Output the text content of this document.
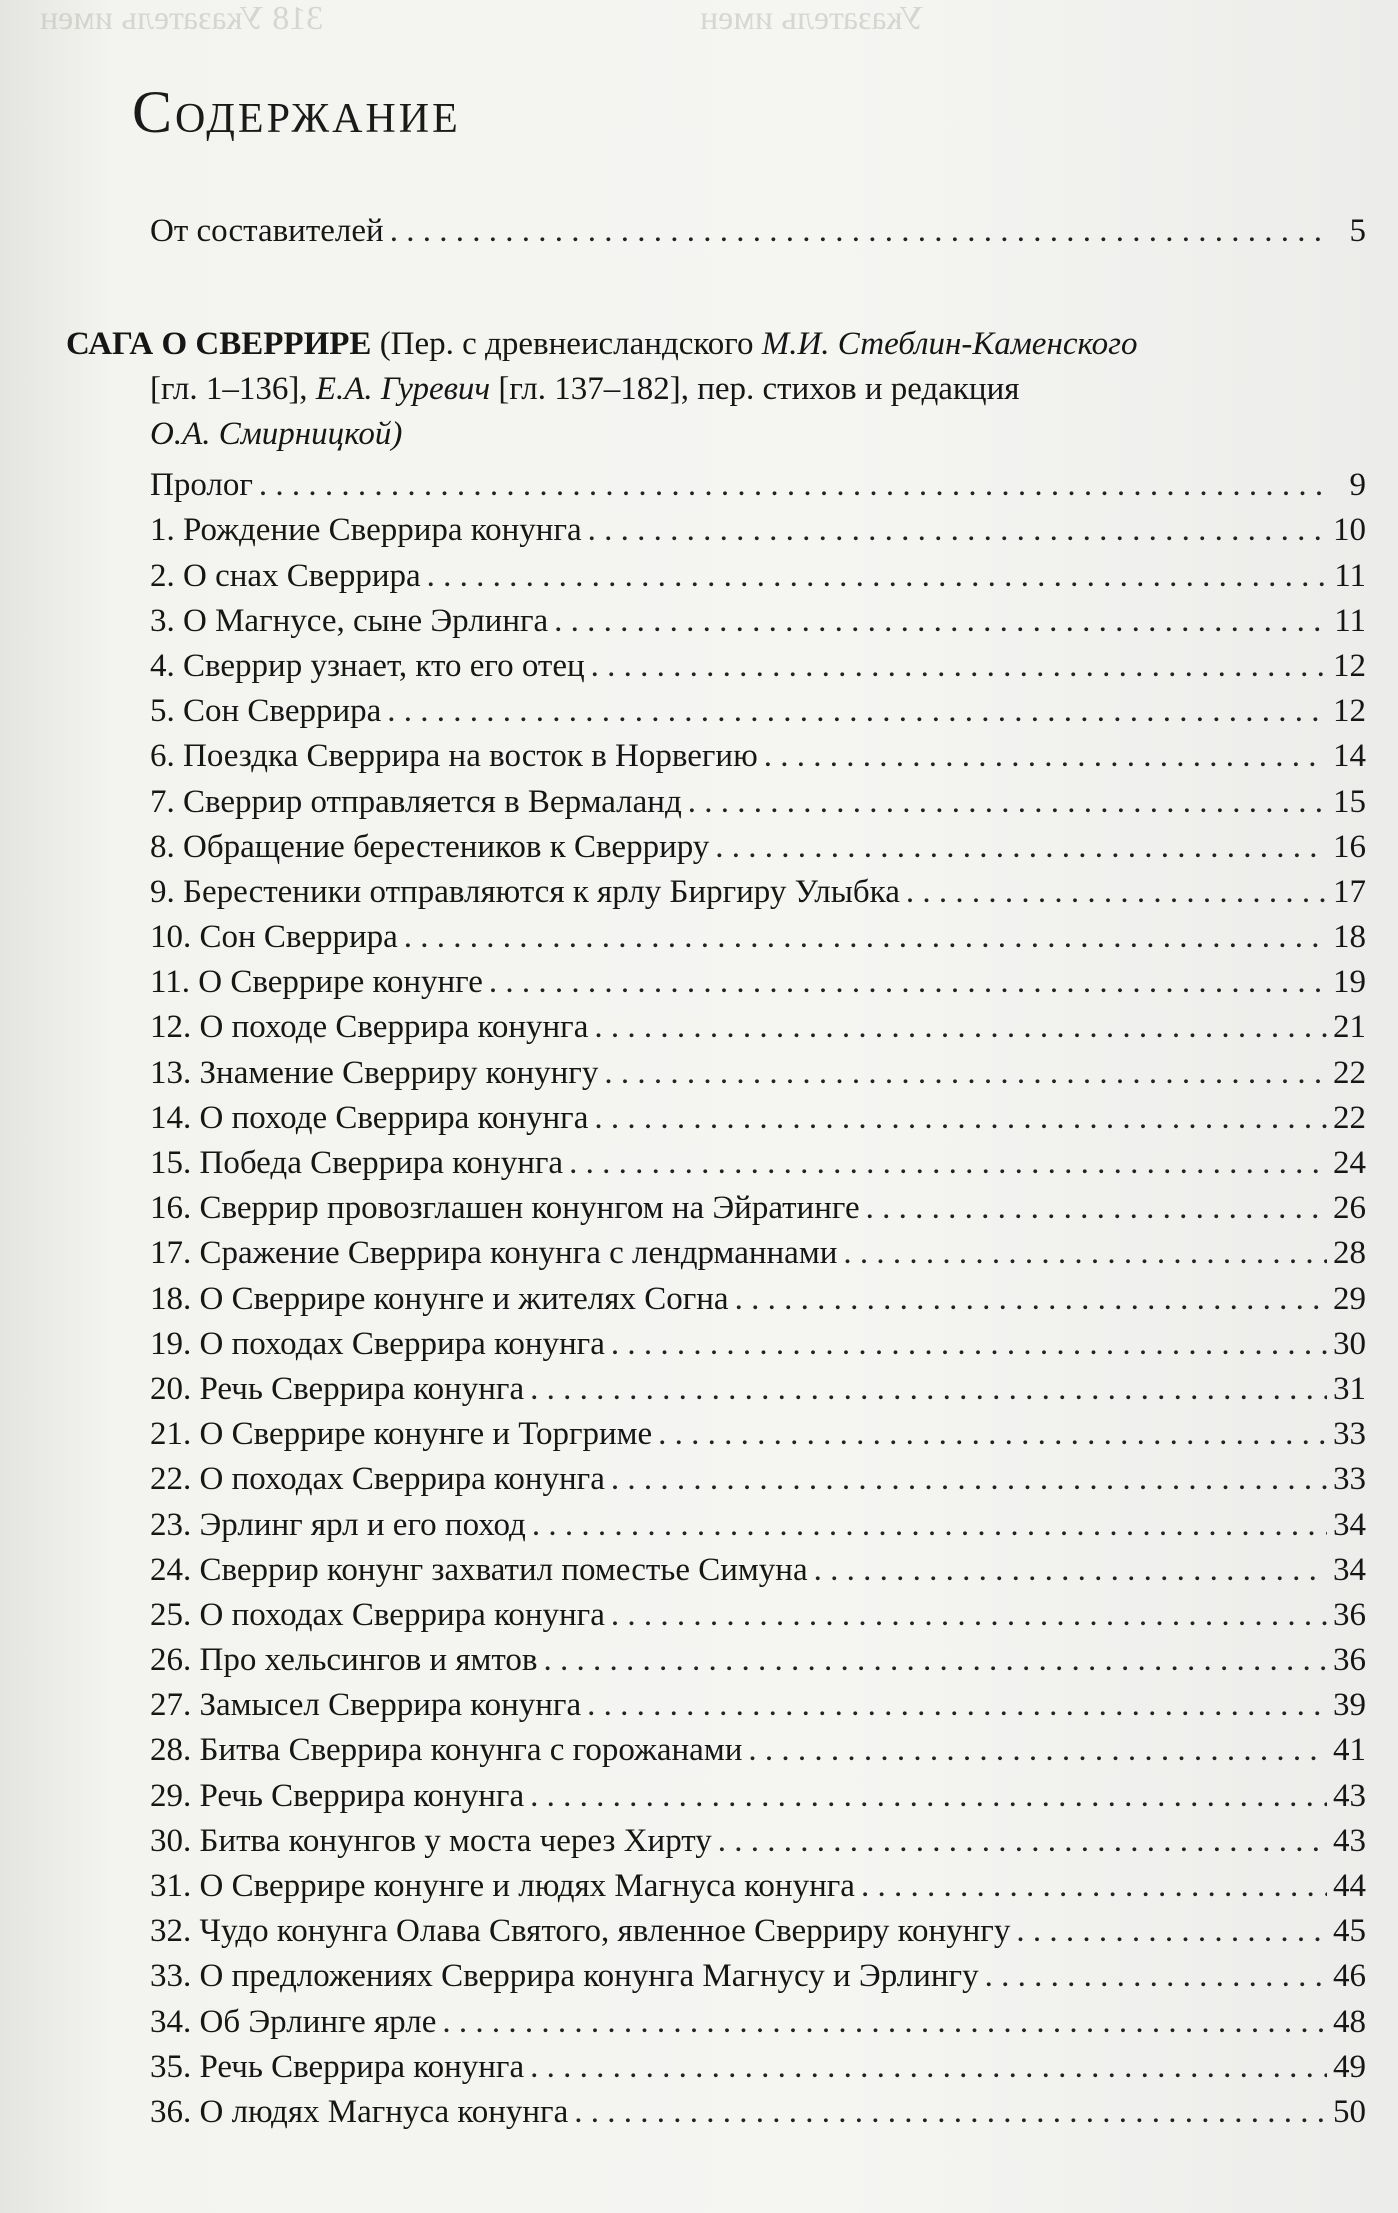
318 Указатель имен	Указатель имен
Содержание
От составителей . . .	5
САГА О СВЕРРИРЕ (Пер. с древнеисландского М.И. Стеблин-Каменского
[гл. 1–136], Е.А. Гуревич [гл. 137–182], пер. стихов и редакция
О.А. Смирницкой)
Пролог . . .	9
1. Рождение Сверрира конунга . . .	10
2. О снах Сверрира . . .	11
3. О Магнусе, сыне Эрлинга . . .	11
4. Сверрир узнает, кто его отец . . .	12
5. Сон Сверрира . . .	12
6. Поездка Сверрира на восток в Норвегию . . .	14
7. Сверрир отправляется в Вермаланд . . .	15
8. Обращение берестеников к Сверриру . . .	16
9. Берестеники отправляются к ярлу Биргиру Улыбка . . .	17
10. Сон Сверрира . . .	18
11. О Сверрире конунге . . .	19
12. О походе Сверрира конунга . . .	21
13. Знамение Сверриру конунгу . . .	22
14. О походе Сверрира конунга . . .	22
15. Победа Сверрира конунга . . .	24
16. Сверрир провозглашен конунгом на Эйратинге . . .	26
17. Сражение Сверрира конунга с лендрманнами . . .	28
18. О Сверрире конунге и жителях Согна . . .	29
19. О походах Сверрира конунга . . .	30
20. Речь Сверрира конунга . . .	31
21. О Сверрире конунге и Торгриме . . .	33
22. О походах Сверрира конунга . . .	33
23. Эрлинг ярл и его поход . . .	34
24. Сверрир конунг захватил поместье Симуна . . .	34
25. О походах Сверрира конунга . . .	36
26. Про хельсингов и ямтов . . .	36
27. Замысел Сверрира конунга . . .	39
28. Битва Сверрира конунга с горожанами . . .	41
29. Речь Сверрира конунга . . .	43
30. Битва конунгов у моста через Хирту . . .	43
31. О Сверрире конунге и людях Магнуса конунга . . .	44
32. Чудо конунга Олава Святого, явленное Сверриру конунгу . . .	45
33. О предложениях Сверрира конунга Магнусу и Эрлингу . . .	46
34. Об Эрлинге ярле . . .	48
35. Речь Сверрира конунга . . .	49
36. О людях Магнуса конунга . . .	50
